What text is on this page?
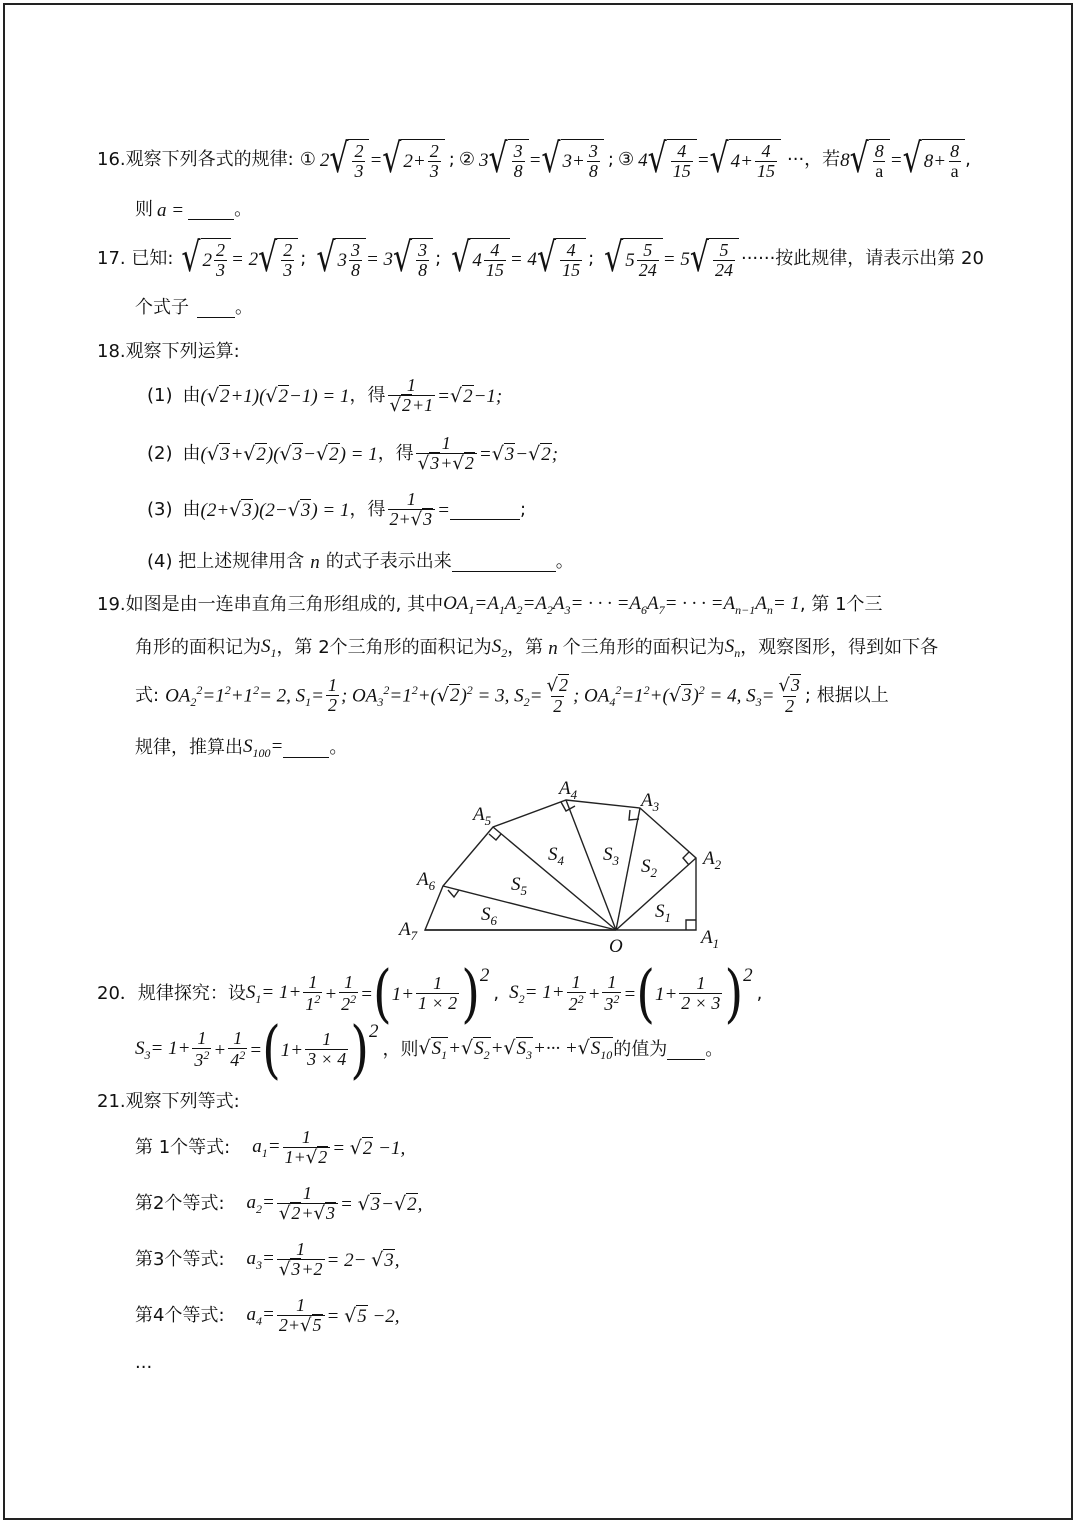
16 .观察下列各式的规律: ① 2 √ $\frac{2}{3}$ = √ $2+ \frac{2}{3}$ ; ② 3 √ $\frac{3}{8}$ = √ $3+ \frac{3}{8}$ ; ③ 4 √ $\frac{4}{15}$ = √ $4+ \frac{4}{15}$ ··· ，若 8 √ $\frac{8}{a}$ = √ $8+ \frac{8}{a}$ ,
则 a =	。
17 . 已知: √ $2 \frac{2}{3} = 2$ √ $\frac{2}{3}$ ; √ $3 \frac{3}{8} = 3$ √ $\frac{3}{8}$ ; √ $4 \frac{4}{15} = 4$ √ $\frac{4}{15}$ ; √ $5 \frac{5}{24} = 5$ √ $\frac{5}{24}$ ······按此规律，请表示出第 20
个式子	。
18.观察下列运算:
(1) 由 (√2+1)(√2−1) = 1 ， 得 $\frac{1}{√2+1} =√2-1$;
(2) 由 (√3+√2)(√3−√2) = 1 ， 得 $\frac{1}{√3+√2} =√3-√2$;
(3) 由 (2+√3)(2−√3) = 1 ， 得 $\frac{1}{2+√3}$ =	;
(4) 把上述规律用含 n 的式子表示出来	。
19.如图是由一连串直角三角形组成的, 其中 $OA_1=A_1A_2=A_2A_3=$ · · · $=A_6A_7=$ · · · $=A_{n-1}A_n= 1$ , 第 1个三
角形的面积记为 $S_1$ ，第 2个三角形的面积记为 $S_2$ ，第 n 个三角形的面积记为 $S_n$ ，观察图形，得到如下各
式: $OA_2^2=1^2+1^2= 2$, $S_1= \frac{1}{2}$ ; $OA_3^2=1^2+(√2)^2 = 3$, $S_2= \frac{√2}{2}$ ; $OA_4^2=1^2+(√3)^2 = 4$, $S_3= \frac{√3}{2}$ ; 根据以上
规律，推算出 $S_{100}=$	。
$A_1$
$A_2$
$A_3$
$A_4$
$A_5$
$A_6$
$A_7$
$S_1$
$S_2$
$S_3$
$S_4$
$S_5$
$S_6$
O
20．规律探究：设 $S_1= 1+ \frac{1}{1^2} + \frac{1}{2^2}$ = ( $1+ \frac{1}{1 \times 2}$ ) 2
, $S_2= 1+ \frac{1}{2^2} + \frac{1}{3^2}$ = ( $1+ \frac{1}{2 \times 3}$ ) 2
,
$S_3= 1+ \frac{1}{3^2} + \frac{1}{4^2}$ = ( $1+ \frac{1}{3 \times 4}$ ) 2
，则 $√S_1+√S_2+√S_3+\cdot\cdot\cdot +√S_{10}$ 的值为 。
21.观察下列等式:
第 1个等式: $a_1= \frac{1}{1+√2} = √2 -1$,
第2个等式: $a_2= \frac{1}{√2+√3} = √3-√2$,
第3个等式: $a_3= \frac{1}{√3+2} = 2- √3$,
第4个等式: $a_4= \frac{1}{2+√5} = √5 -2$,
···
